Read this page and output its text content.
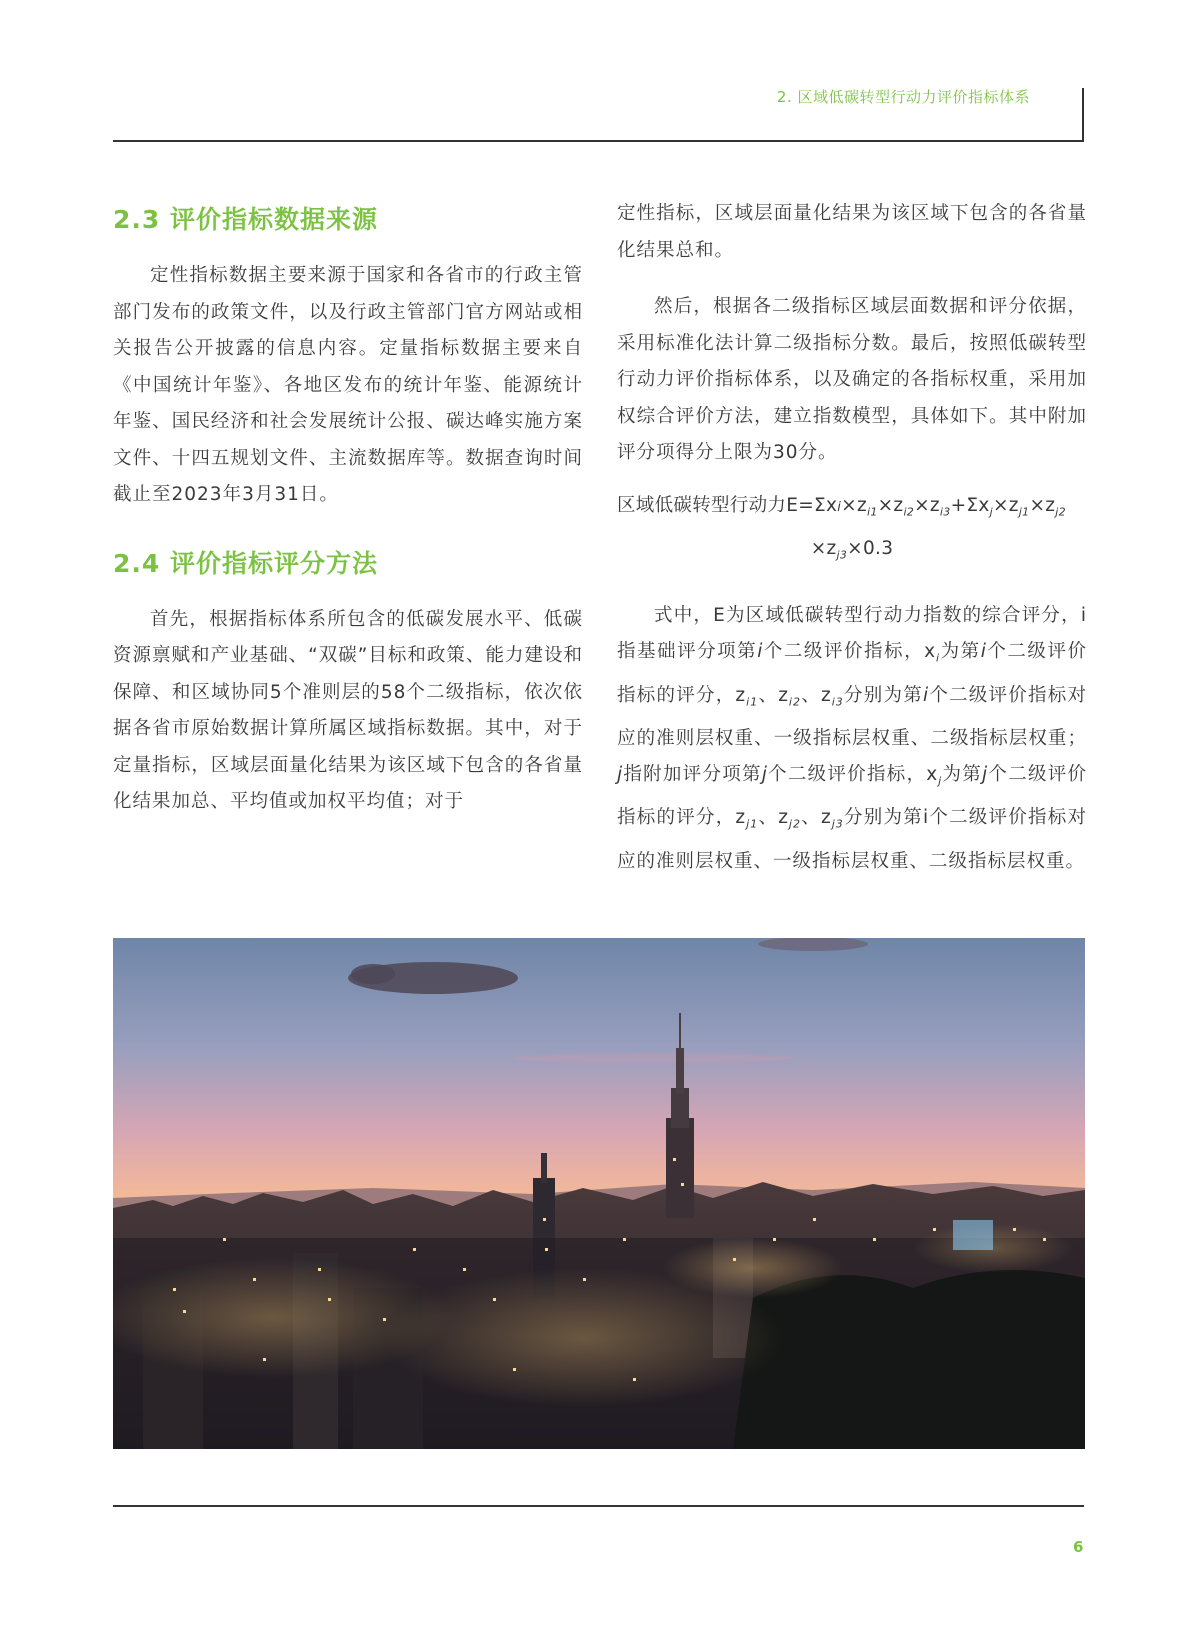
2. 区域低碳转型行动力评价指标体系
2.3 评价指标数据来源

定性指标数据主要来源于国家和各省市的行政主管部门发布的政策文件，以及行政主管部门官方网站或相关报告公开披露的信息内容。定量指标数据主要来自《中国统计年鉴》、各地区发布的统计年鉴、能源统计年鉴、国民经济和社会发展统计公报、碳达峰实施方案文件、十四五规划文件、主流数据库等。数据查询时间截止至2023年3月31日。

2.4 评价指标评分方法

首先，根据指标体系所包含的低碳发展水平、低碳资源禀赋和产业基础、“双碳”目标和政策、能力建设和保障、和区域协同5个准则层的58个二级指标，依次依据各省市原始数据计算所属区域指标数据。其中，对于定量指标，区域层面量化结果为该区域下包含的各省量化结果加总、平均值或加权平均值；对于

定性指标，区域层面量化结果为该区域下包含的各省量化结果总和。

然后，根据各二级指标区域层面数据和评分依据，采用标准化法计算二级指标分数。最后，按照低碳转型行动力评价指标体系，以及确定的各指标权重，采用加权综合评价方法，建立指数模型，具体如下。其中附加评分项得分上限为30分。

区域低碳转型行动力$E=\Sigma xi\times z_{i1}\times z_{i2}\times z_{i3}+\Sigma x_j\times z_{j1}\times z_{j2}$
$\times z_{j3}\times 0.3$

式中，E为区域低碳转型行动力指数的综合评分，i指基础评分项第i个二级评价指标，$x_i$为第i个二级评价指标的评分，$z_{i1}$、$z_{i2}$、$z_{i3}$分别为第i个二级评价指标对应的准则层权重、一级指标层权重、二级指标层权重；j指附加评分项第j个二级评价指标，$x_j$为第j个二级评价指标的评分，$z_{j1}$、$z_{j2}$、$z_{j3}$分别为第i个二级评价指标对应的准则层权重、一级指标层权重、二级指标层权重。

6
